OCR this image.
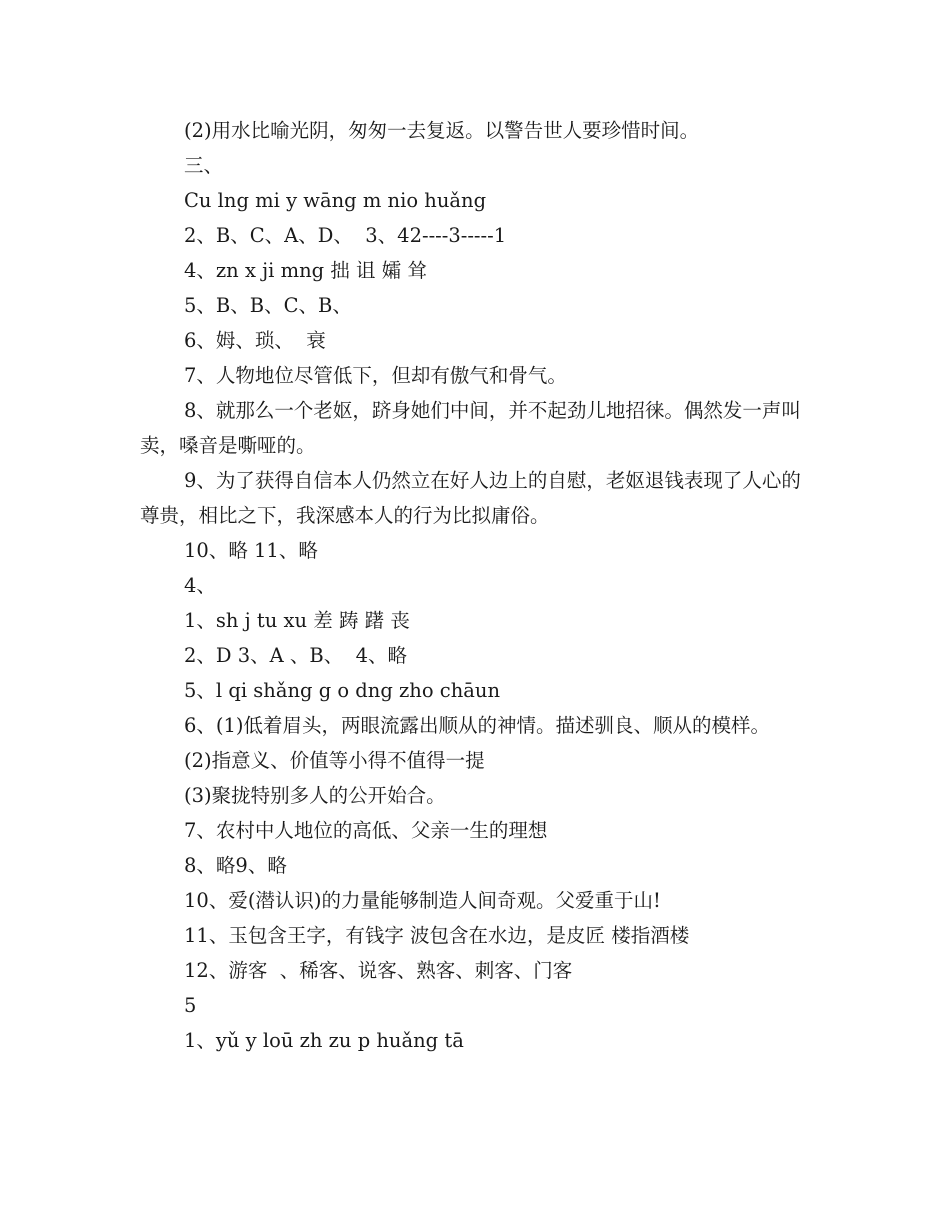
(2)用水比喻光阴，匆匆一去复返。以警告世人要珍惜时间。

三、

Cu lng mi y wāng m nio huǎng

2、B、C、A、D、  3、42----3-----1

4、zn x ji mng 拙 诅 孀 耸

5、B、B、C、B、

6、姆、琐、  衰

7、人物地位尽管低下，但却有傲气和骨气。

8、就那么一个老妪，跻身她们中间，并不起劲儿地招徕。偶然发一声叫卖，嗓音是嘶哑的。

9、为了获得自信本人仍然立在好人边上的自慰，老妪退钱表现了人心的尊贵，相比之下，我深感本人的行为比拟庸俗。

10、略 11、略

4、

1、sh j tu xu 差 踌 躇 丧

2、D 3、A 、B、  4、略

5、l qi shǎng g o dng zho chāun

6、(1)低着眉头，两眼流露出顺从的神情。描述驯良、顺从的模样。

(2)指意义、价值等小得不值得一提

(3)聚拢特别多人的公开始合。

7、农村中人地位的高低、父亲一生的理想

8、略9、略

10、爱(潜认识)的力量能够制造人间奇观。父爱重于山!

11、玉包含王字，有钱字 波包含在水边，是皮匠 楼指酒楼

12、游客  、稀客、说客、熟客、刺客、门客

5

1、yǔ y loū zh zu p huǎng tā
